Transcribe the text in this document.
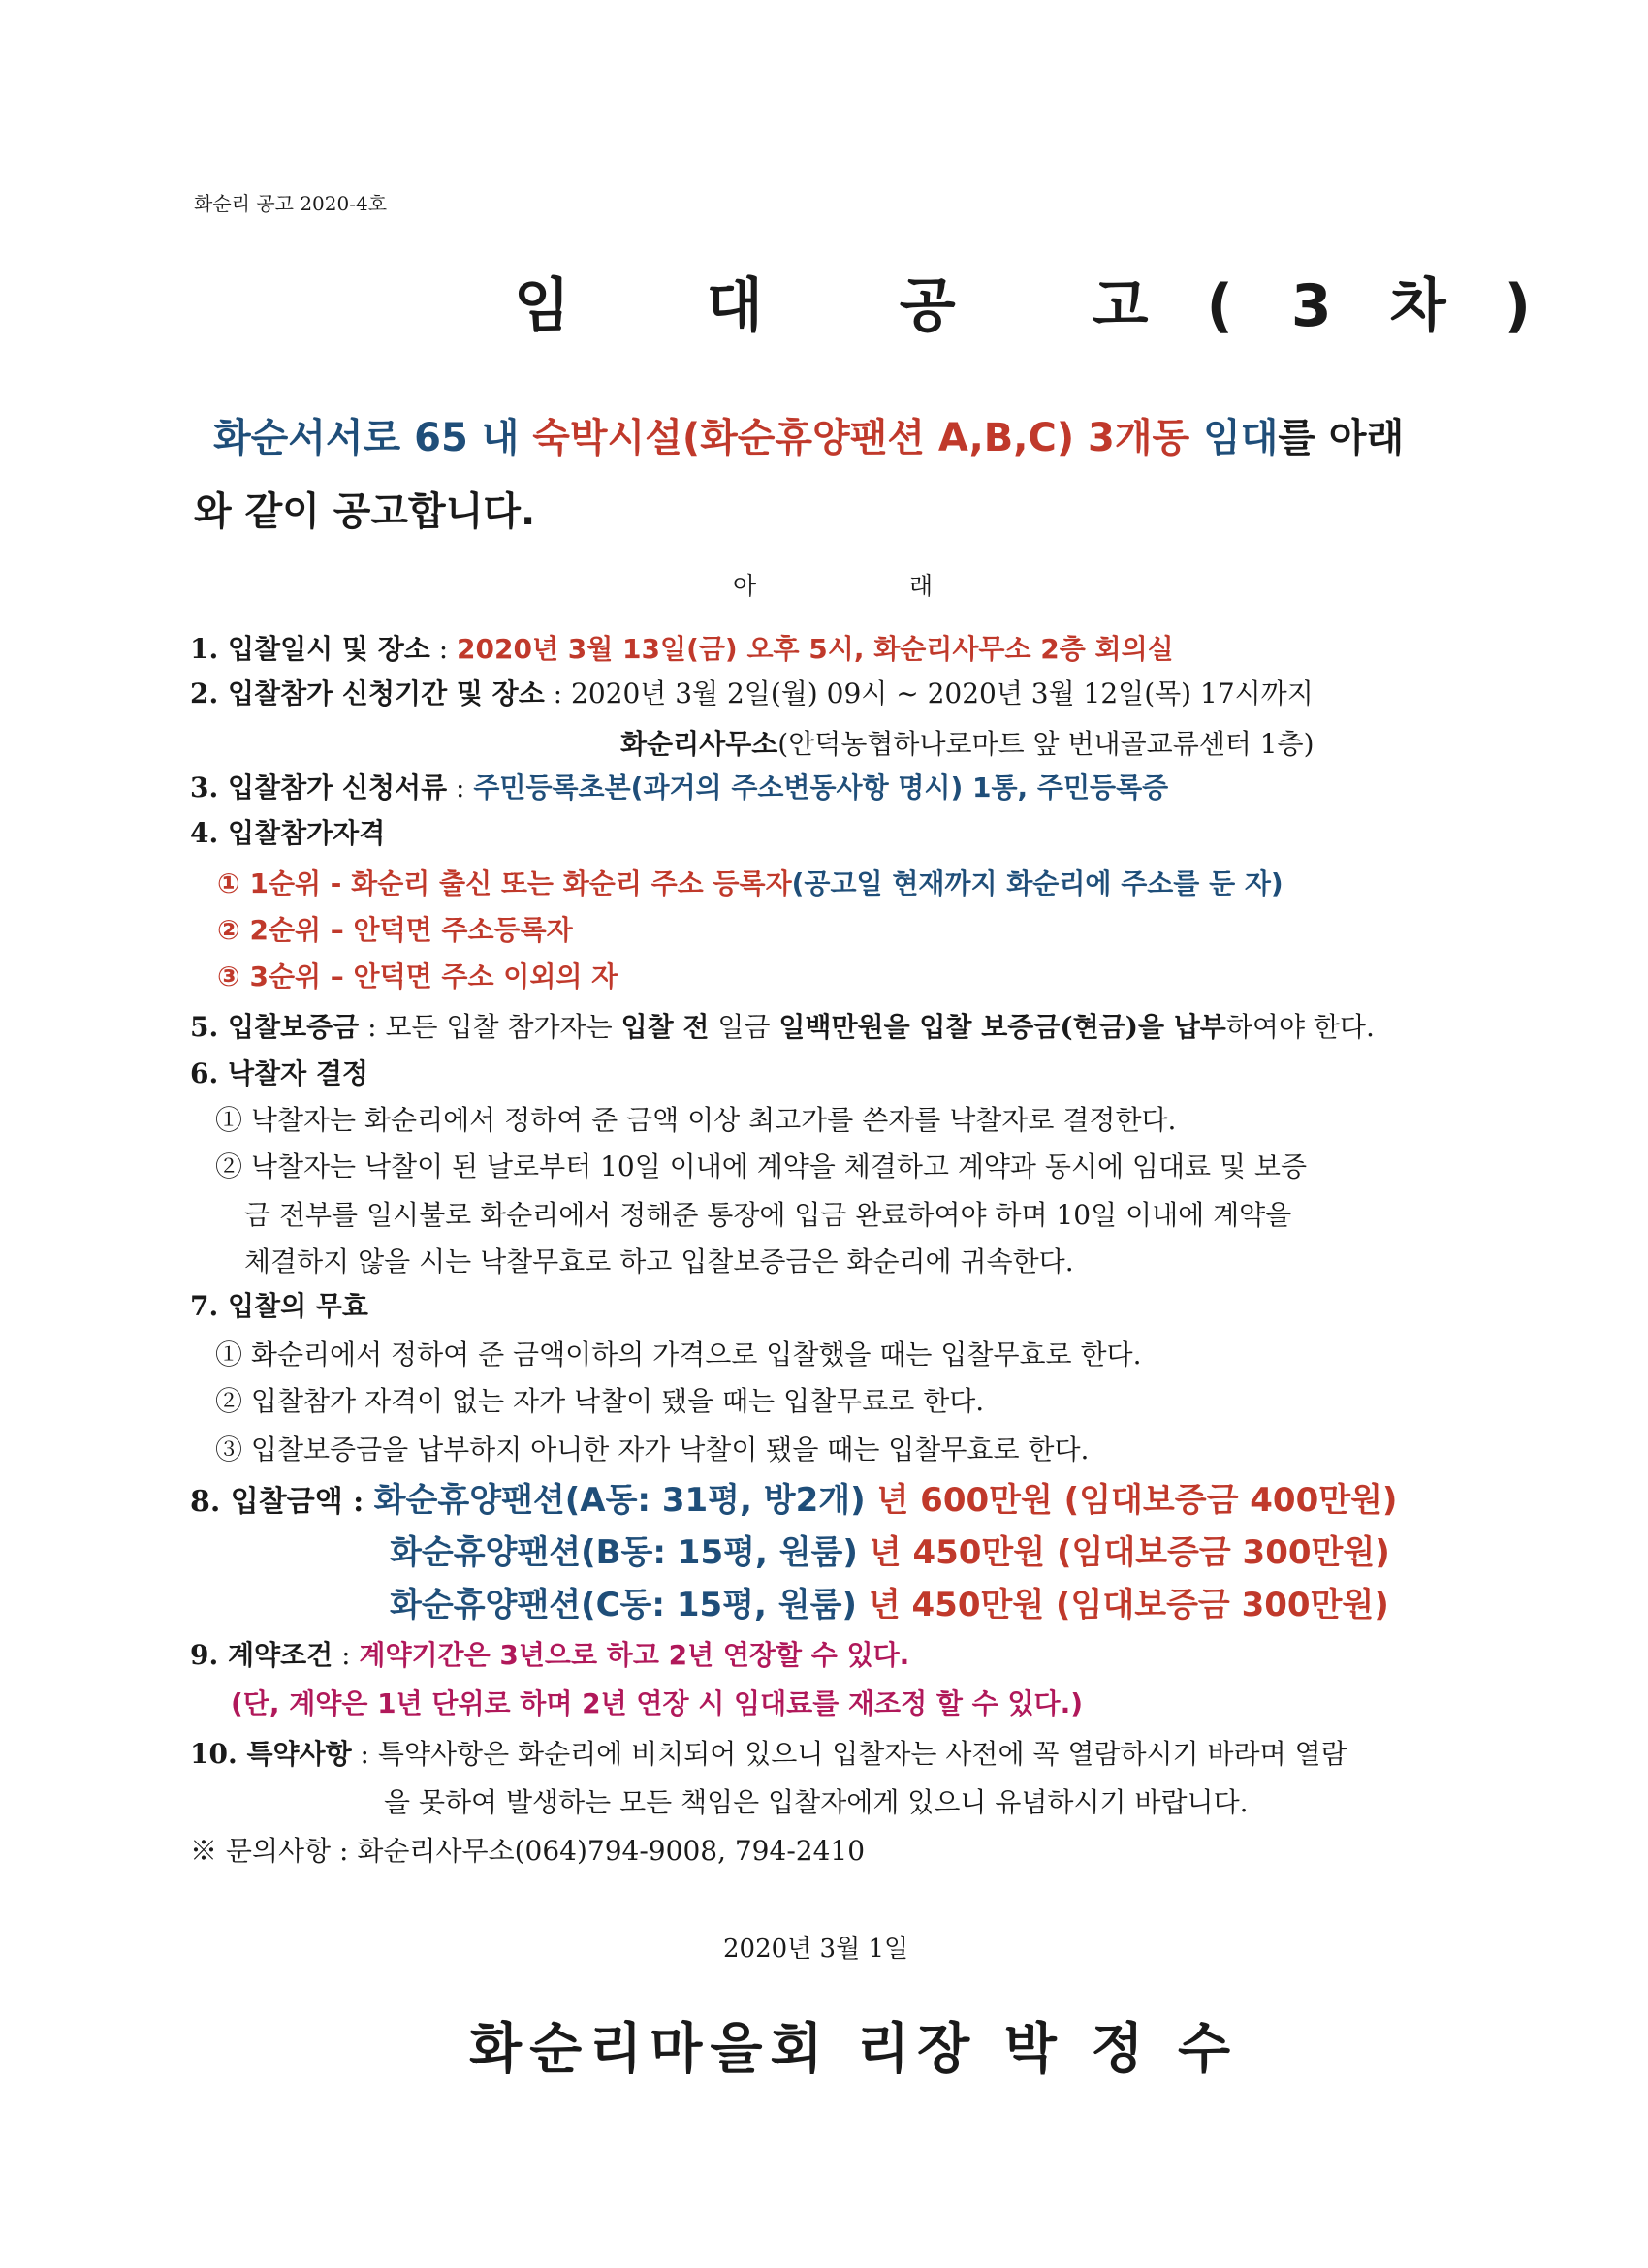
화순리 공고 2020-4호
임 대 공 고(3차)
화순서서로 65 내 숙박시설(화순휴양팬션 A,B,C) 3개동 임대를 아래
와 같이 공고합니다.
아	래
1. 입찰일시 및 장소 : 2020년 3월 13일(금) 오후 5시, 화순리사무소 2층 회의실
2. 입찰참가 신청기간 및 장소 : 2020년 3월 2일(월) 09시 ~ 2020년 3월 12일(목) 17시까지
화순리사무소(안덕농협하나로마트 앞 번내골교류센터 1층)
3. 입찰참가 신청서류 : 주민등록초본(과거의 주소변동사항 명시) 1통, 주민등록증
4. 입찰참가자격
① 1순위 - 화순리 출신 또는 화순리 주소 등록자(공고일 현재까지 화순리에 주소를 둔 자)
② 2순위 – 안덕면 주소등록자
③ 3순위 – 안덕면 주소 이외의 자
5. 입찰보증금 : 모든 입찰 참가자는 입찰 전 일금 일백만원을 입찰 보증금(현금)을 납부하여야 한다.
6. 낙찰자 결정
① 낙찰자는 화순리에서 정하여 준 금액 이상 최고가를 쓴자를 낙찰자로 결정한다.
② 낙찰자는 낙찰이 된 날로부터 10일 이내에 계약을 체결하고 계약과 동시에 임대료 및 보증
금 전부를 일시불로 화순리에서 정해준 통장에 입금 완료하여야 하며 10일 이내에 계약을
체결하지 않을 시는 낙찰무효로 하고 입찰보증금은 화순리에 귀속한다.
7. 입찰의 무효
① 화순리에서 정하여 준 금액이하의 가격으로 입찰했을 때는 입찰무효로 한다.
② 입찰참가 자격이 없는 자가 낙찰이 됐을 때는 입찰무료로 한다.
③ 입찰보증금을 납부하지 아니한 자가 낙찰이 됐을 때는 입찰무효로 한다.
8. 입찰금액 : 화순휴양팬션(A동: 31평, 방2개) 년 600만원 (임대보증금 400만원)
화순휴양팬션(B동: 15평, 원룸) 년 450만원 (임대보증금 300만원)
화순휴양팬션(C동: 15평, 원룸) 년 450만원 (임대보증금 300만원)
9. 계약조건 : 계약기간은 3년으로 하고 2년 연장할 수 있다.
(단, 계약은 1년 단위로 하며 2년 연장 시 임대료를 재조정 할 수 있다.)
10. 특약사항 : 특약사항은 화순리에 비치되어 있으니 입찰자는 사전에 꼭 열람하시기 바라며 열람
을 못하여 발생하는 모든 책임은 입찰자에게 있으니 유념하시기 바랍니다.
※ 문의사항 : 화순리사무소(064)794-9008, 794-2410
2020년 3월 1일
화순리마을회 리장 박 정 수
